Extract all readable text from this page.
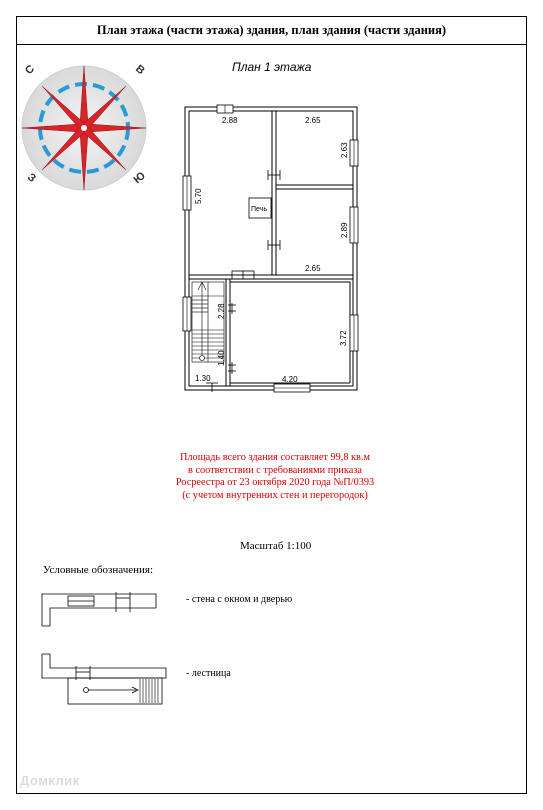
План этажа (части этажа) здания, план здания (части здания)
С	В
Ю
З
План 1 этажа
2.88	2.65
2.63
2.89
2.65
5.70
2.28
3.72
1.40
1.30	4.20
Печь
Площадь всего здания составляет 99,8 кв.м
в соответствии с требованиями приказа
Росреестра от 23 октября 2020 года №П/0393
(с учетом внутренних стен и перегородок)
Масштаб 1:100
Условные обозначения:
- стена с окном и дверью
- лестница
Домклик
